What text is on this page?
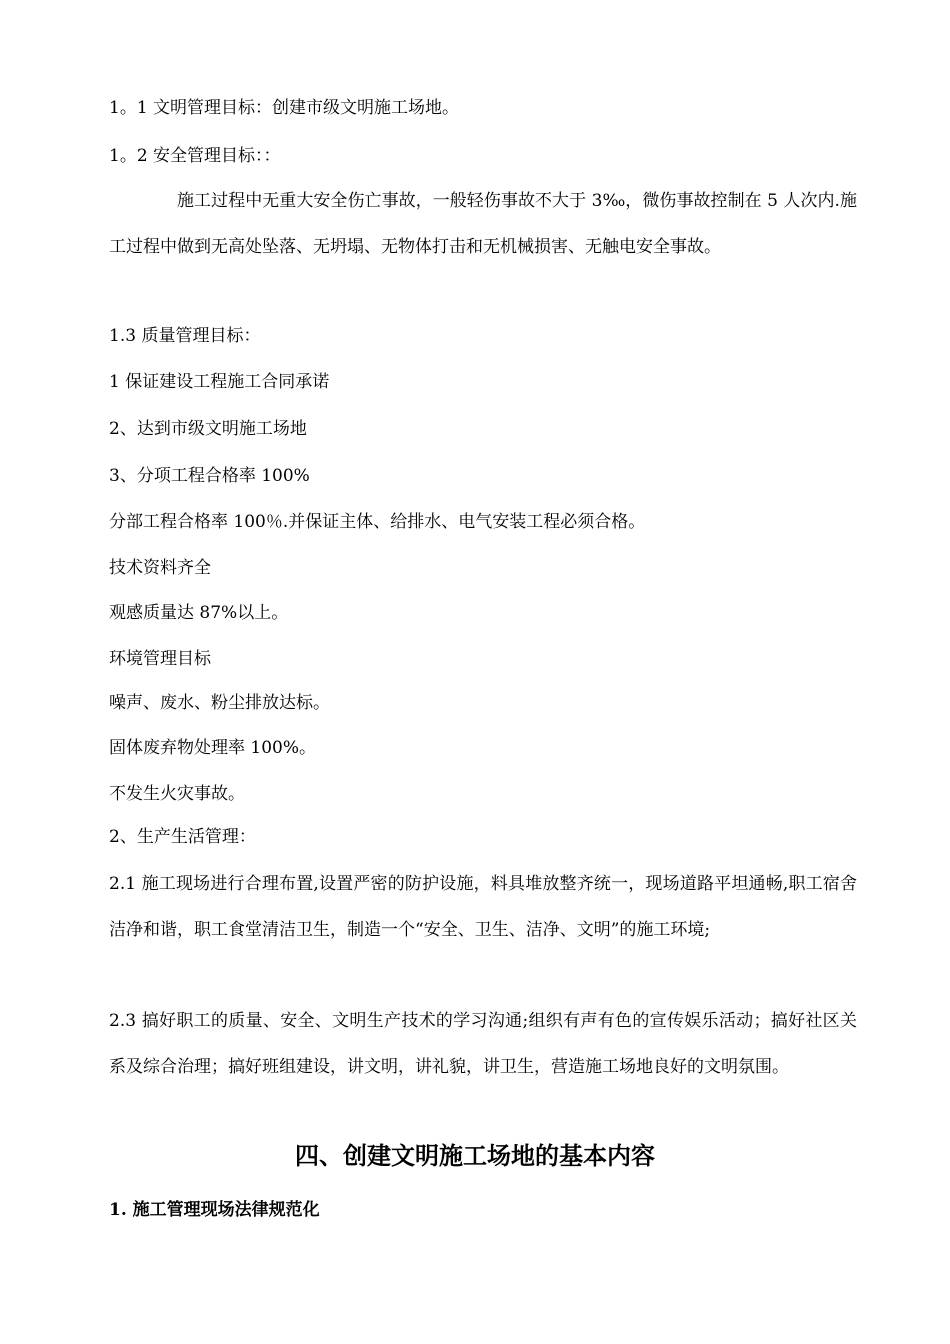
1。1 文明管理目标：创建市级文明施工场地。
1。2 安全管理目标：：
施工过程中无重大安全伤亡事故，一般轻伤事故不大于 3‰，微伤事故控制在 5 人次内.施工过程中做到无高处坠落、无坍塌、无物体打击和无机械损害、无触电安全事故。
1.3 质量管理目标：
1 保证建设工程施工合同承诺
2、达到市级文明施工场地
3、分项工程合格率 100%
分部工程合格率 100％.并保证主体、给排水、电气安装工程必须合格。
技术资料齐全
观感质量达 87%以上。
环境管理目标
噪声、废水、粉尘排放达标。
固体废弃物处理率 100%。
不发生火灾事故。
2、生产生活管理：
2.1 施工现场进行合理布置,设置严密的防护设施，料具堆放整齐统一，现场道路平坦通畅,职工宿舍洁净和谐，职工食堂清洁卫生，制造一个“安全、卫生、洁净、文明”的施工环境;
2.3 搞好职工的质量、安全、文明生产技术的学习沟通;组织有声有色的宣传娱乐活动；搞好社区关系及综合治理；搞好班组建设，讲文明，讲礼貌，讲卫生，营造施工场地良好的文明氛围。
四、创建文明施工场地的基本内容
1. 施工管理现场法律规范化
